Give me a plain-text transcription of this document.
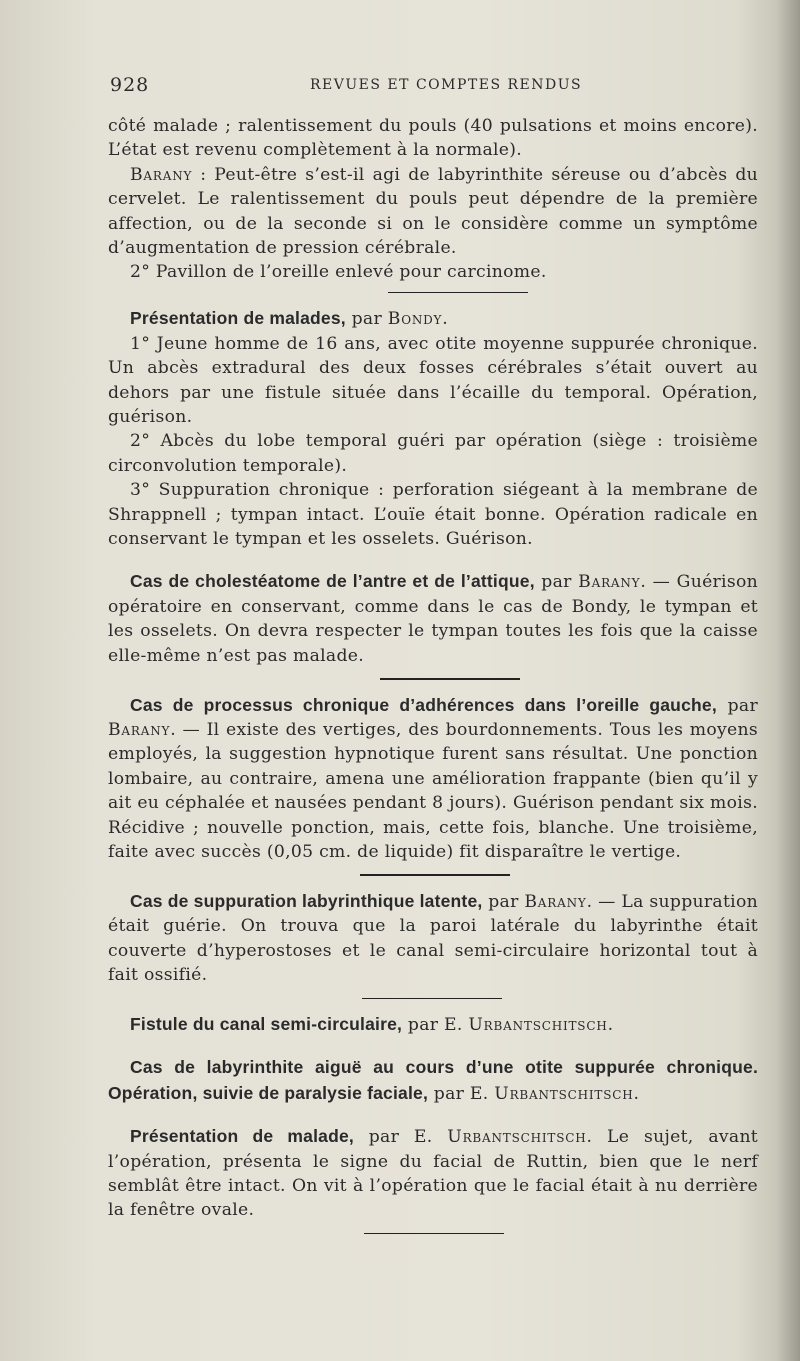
928	REVUES ET COMPTES RENDUS

côté malade ; ralentissement du pouls (40 pulsations et moins encore). L’état est revenu complètement à la normale).

Barany : Peut-être s’est-il agi de labyrinthite séreuse ou d’abcès du cervelet. Le ralentissement du pouls peut dépendre de la première affection, ou de la seconde si on le considère comme un symptôme d’augmentation de pression cérébrale.

2° Pavillon de l’oreille enlevé pour carcinome.

Présentation de malades, par Bondy.

1° Jeune homme de 16 ans, avec otite moyenne suppurée chronique. Un abcès extradural des deux fosses cérébrales s’était ouvert au dehors par une fistule située dans l’écaille du temporal. Opération, guérison.

2° Abcès du lobe temporal guéri par opération (siège : troisième circonvolution temporale).

3° Suppuration chronique : perforation siégeant à la membrane de Shrappnell ; tympan intact. L’ouïe était bonne. Opération radicale en conservant le tympan et les osselets. Guérison.

Cas de cholestéatome de l’antre et de l’attique, par Barany. — Guérison opératoire en conservant, comme dans le cas de Bondy, le tympan et les osselets. On devra respecter le tympan toutes les fois que la caisse elle-même n’est pas malade.

Cas de processus chronique d’adhérences dans l’oreille gauche, par Barany. — Il existe des vertiges, des bourdonnements. Tous les moyens employés, la suggestion hypnotique furent sans résultat. Une ponction lombaire, au contraire, amena une amélioration frappante (bien qu’il y ait eu céphalée et nausées pendant 8 jours). Guérison pendant six mois. Récidive ; nouvelle ponction, mais, cette fois, blanche. Une troisième, faite avec succès (0,05 cm. de liquide) fit disparaître le vertige.

Cas de suppuration labyrinthique latente, par Barany. — La suppuration était guérie. On trouva que la paroi latérale du labyrinthe était couverte d’hyperostoses et le canal semi-circulaire horizontal tout à fait ossifié.

Fistule du canal semi-circulaire, par E. Urbantschitsch.

Cas de labyrinthite aiguë au cours d’une otite suppurée chronique. Opération, suivie de paralysie faciale, par E. Urbantschitsch.

Présentation de malade, par E. Urbantschitsch. Le sujet, avant l’opération, présenta le signe du facial de Ruttin, bien que le nerf semblât être intact. On vit à l’opération que le facial était à nu derrière la fenêtre ovale.
